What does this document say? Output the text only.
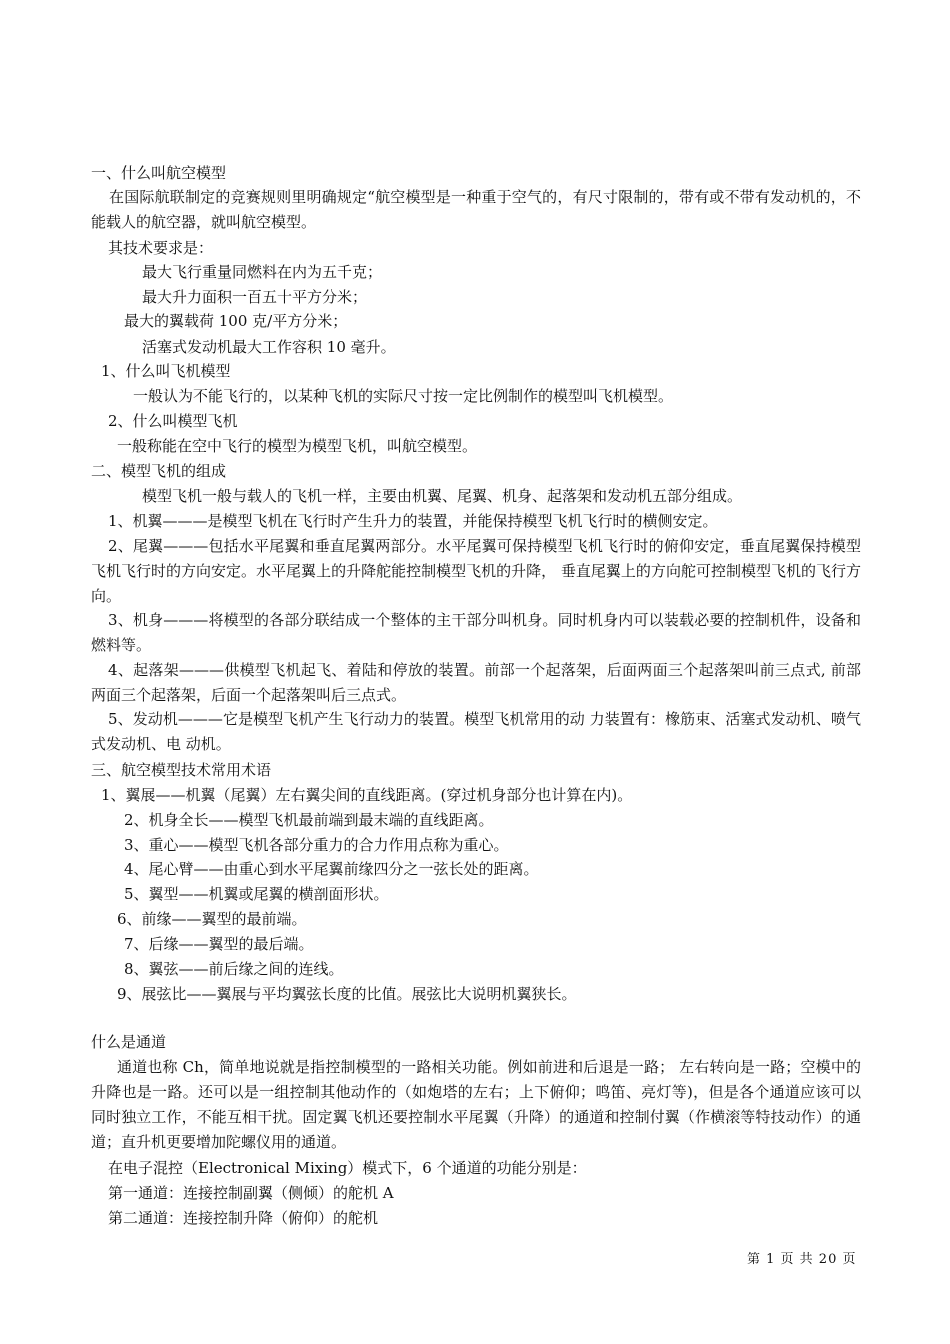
一、什么叫航空模型
在国际航联制定的竞赛规则里明确规定“航空模型是一种重于空气的，有尺寸限制的，带有或不带有发动机的，不能载人的航空器，就叫航空模型。
其技术要求是：
最大飞行重量同燃料在内为五千克；
最大升力面积一百五十平方分米；
最大的翼载荷 100 克/平方分米；
活塞式发动机最大工作容积 10 毫升。
1、什么叫飞机模型
一般认为不能飞行的，以某种飞机的实际尺寸按一定比例制作的模型叫飞机模型。
2、什么叫模型飞机
一般称能在空中飞行的模型为模型飞机，叫航空模型。
二、模型飞机的组成
模型飞机一般与载人的飞机一样，主要由机翼、尾翼、机身、起落架和发动机五部分组成。
1、机翼———是模型飞机在飞行时产生升力的装置，并能保持模型飞机飞行时的横侧安定。
2、尾翼———包括水平尾翼和垂直尾翼两部分。水平尾翼可保持模型飞机飞行时的俯仰安定，垂直尾翼保持模型飞机飞行时的方向安定。水平尾翼上的升降舵能控制模型飞机的升降， 垂直尾翼上的方向舵可控制模型飞机的飞行方向。
3、机身———将模型的各部分联结成一个整体的主干部分叫机身。同时机身内可以装载必要的控制机件，设备和燃料等。
4、起落架———供模型飞机起飞、着陆和停放的装置。前部一个起落架，后面两面三个起落架叫前三点式, 前部两面三个起落架，后面一个起落架叫后三点式。
5、发动机———它是模型飞机产生飞行动力的装置。模型飞机常用的动 力装置有：橡筋束、活塞式发动机、喷气式发动机、电 动机。
三、航空模型技术常用术语
1、翼展——机翼（尾翼）左右翼尖间的直线距离。(穿过机身部分也计算在内)。
2、机身全长——模型飞机最前端到最末端的直线距离。
3、重心——模型飞机各部分重力的合力作用点称为重心。
4、尾心臂——由重心到水平尾翼前缘四分之一弦长处的距离。
5、翼型——机翼或尾翼的横剖面形状。
6、前缘——翼型的最前端。
7、后缘——翼型的最后端。
8、翼弦——前后缘之间的连线。
9、展弦比——翼展与平均翼弦长度的比值。展弦比大说明机翼狭长。
什么是通道
通道也称 Ch，简单地说就是指控制模型的一路相关功能。例如前进和后退是一路； 左右转向是一路；空模中的升降也是一路。还可以是一组控制其他动作的（如炮塔的左右；上下俯仰；鸣笛、亮灯等)，但是各个通道应该可以同时独立工作，不能互相干扰。固定翼飞机还要控制水平尾翼（升降）的通道和控制付翼（作横滚等特技动作）的通道；直升机更要增加陀螺仪用的通道。
在电子混控（Electronical Mixing）模式下，6 个通道的功能分别是：
第一通道：连接控制副翼（侧倾）的舵机 A
第二通道：连接控制升降（俯仰）的舵机
第 1 页 共 20 页
